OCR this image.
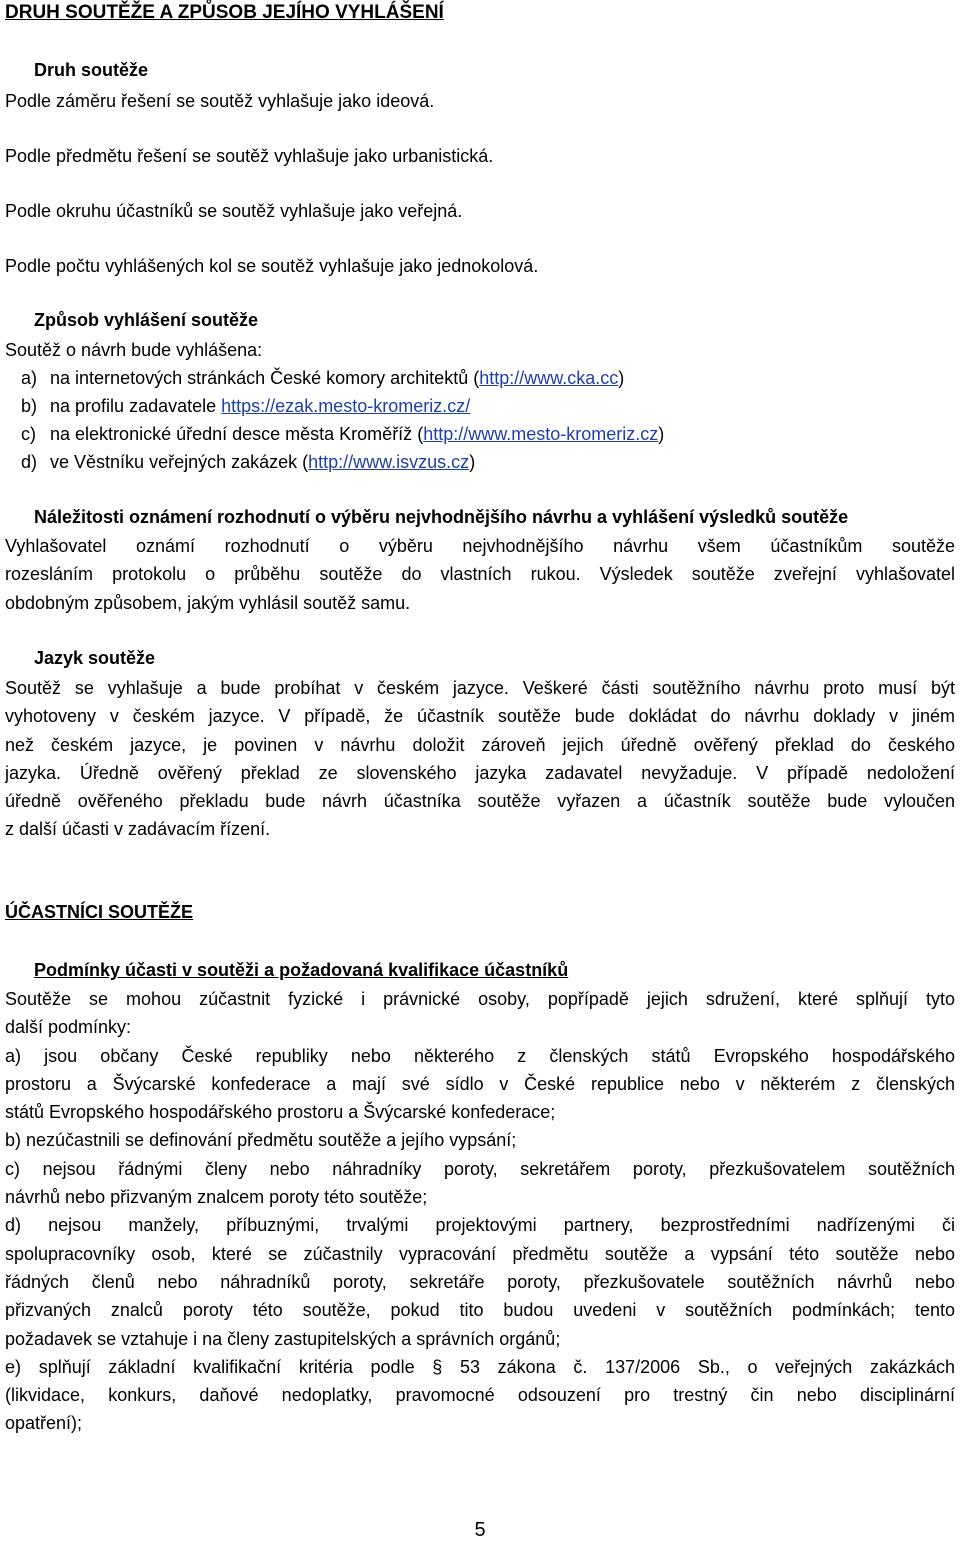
DRUH SOUTĚŽE A ZPŮSOB JEJÍHO VYHLÁŠENÍ
Druh soutěže
Podle záměru řešení se soutěž vyhlašuje jako ideová.
Podle předmětu řešení se soutěž vyhlašuje jako urbanistická.
Podle okruhu účastníků se soutěž vyhlašuje jako veřejná.
Podle počtu vyhlášených kol se soutěž vyhlašuje jako jednokolová.
Způsob vyhlášení soutěže
Soutěž o návrh bude vyhlášena:
a) na internetových stránkách České komory architektů (http://www.cka.cc)
b) na profilu zadavatele https://ezak.mesto-kromeriz.cz/
c) na elektronické úřední desce města Kroměříž (http://www.mesto-kromeriz.cz)
d) ve Věstníku veřejných zakázek (http://www.isvzus.cz)
Náležitosti oznámení rozhodnutí o výběru nejvhodnějšího návrhu a vyhlášení výsledků soutěže
Vyhlašovatel oznámí rozhodnutí o výběru nejvhodnějšího návrhu všem účastníkům soutěže
rozesláním protokolu o průběhu soutěže do vlastních rukou. Výsledek soutěže zveřejní vyhlašovatel
obdobným způsobem, jakým vyhlásil soutěž samu.
Jazyk soutěže
Soutěž se vyhlašuje a bude probíhat v českém jazyce. Veškeré části soutěžního návrhu proto musí být
vyhotoveny v českém jazyce. V případě, že účastník soutěže bude dokládat do návrhu doklady v jiném
než českém jazyce, je povinen v návrhu doložit zároveň jejich úředně ověřený překlad do českého
jazyka. Úředně ověřený překlad ze slovenského jazyka zadavatel nevyžaduje. V případě nedoložení
úředně ověřeného překladu bude návrh účastníka soutěže vyřazen a účastník soutěže bude vyloučen
z další účasti v zadávacím řízení.
ÚČASTNÍCI SOUTĚŽE
Podmínky účasti v soutěži a požadovaná kvalifikace účastníků
Soutěže se mohou zúčastnit fyzické i právnické osoby, popřípadě jejich sdružení, které splňují tyto
další podmínky:
a) jsou občany České republiky nebo některého z členských států Evropského hospodářského
prostoru a Švýcarské konfederace a mají své sídlo v České republice nebo v některém z členských
států Evropského hospodářského prostoru a Švýcarské konfederace;
b) nezúčastnili se definování předmětu soutěže a jejího vypsání;
c) nejsou řádnými členy nebo náhradníky poroty, sekretářem poroty, přezkušovatelem soutěžních
návrhů nebo přizvaným znalcem poroty této soutěže;
d) nejsou manžely, příbuznými, trvalými projektovými partnery, bezprostředními nadřízenými či
spolupracovníky osob, které se zúčastnily vypracování předmětu soutěže a vypsání této soutěže nebo
řádných členů nebo náhradníků poroty, sekretáře poroty, přezkušovatele soutěžních návrhů nebo
přizvaných znalců poroty této soutěže, pokud tito budou uvedeni v soutěžních podmínkách; tento
požadavek se vztahuje i na členy zastupitelských a správních orgánů;
e) splňují základní kvalifikační kritéria podle § 53 zákona č. 137/2006 Sb., o veřejných zakázkách
(likvidace, konkurs, daňové nedoplatky, pravomocné odsouzení pro trestný čin nebo disciplinární
opatření);
5
